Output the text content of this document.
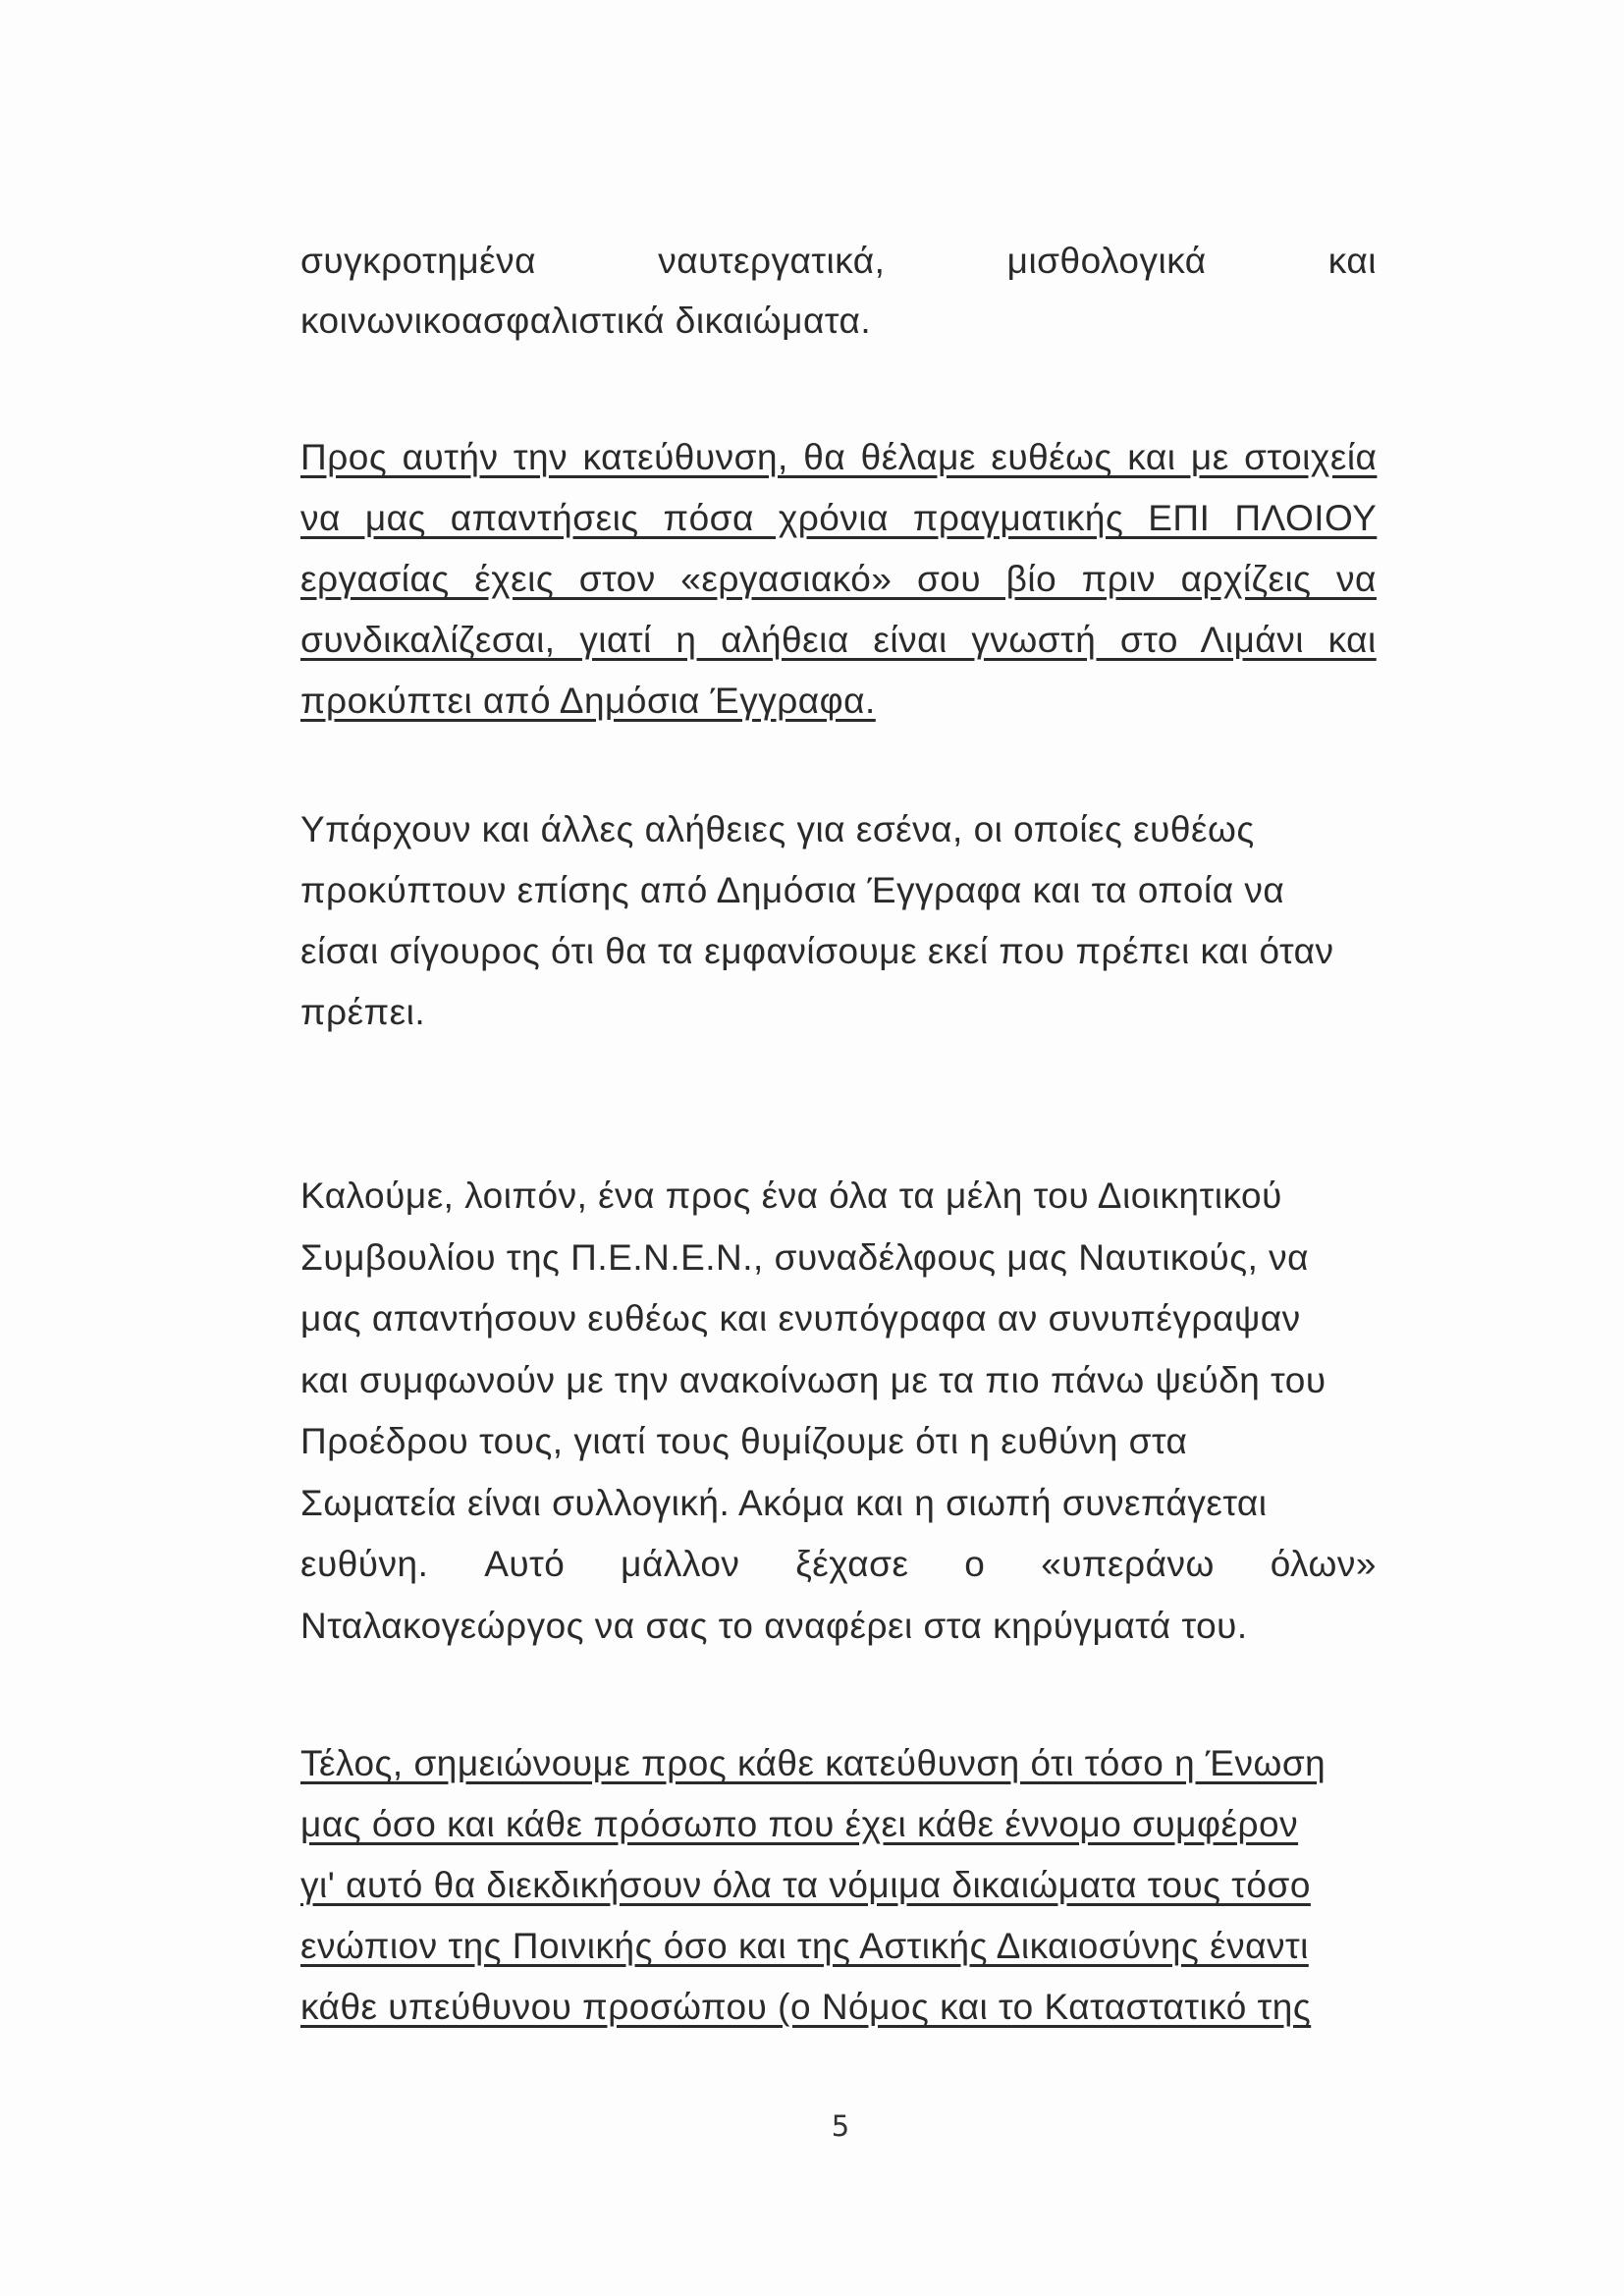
συγκροτημένα	ναυτεργατικά,	μισθολογικά	και
κοινωνικοασφαλιστικά δικαιώματα.
Προς αυτήν την κατεύθυνση, θα θέλαμε ευθέως και με στοιχεία
να μας απαντήσεις πόσα χρόνια πραγματικής ΕΠΙ ΠΛΟΙΟΥ
εργασίας έχεις στον «εργασιακό» σου βίο πριν αρχίζεις να
συνδικαλίζεσαι, γιατί η αλήθεια είναι γνωστή στο Λιμάνι και
προκύπτει από Δημόσια Έγγραφα.
Υπάρχουν και άλλες αλήθειες για εσένα, οι οποίες ευθέως
προκύπτουν επίσης από Δημόσια Έγγραφα και τα οποία να
είσαι σίγουρος ότι θα τα εμφανίσουμε εκεί που πρέπει και όταν
πρέπει.
Καλούμε, λοιπόν, ένα προς ένα όλα τα μέλη του Διοικητικού
Συμβουλίου της Π.Ε.Ν.Ε.Ν., συναδέλφους μας Ναυτικούς, να
μας απαντήσουν ευθέως και ενυπόγραφα αν συνυπέγραψαν
και συμφωνούν με την ανακοίνωση με τα πιο πάνω ψεύδη του
Προέδρου τους, γιατί τους θυμίζουμε ότι η ευθύνη στα
Σωματεία είναι συλλογική. Ακόμα και η σιωπή συνεπάγεται
ευθύνη. Αυτό μάλλον ξέχασε ο «υπεράνω όλων»
Νταλακογεώργος να σας το αναφέρει στα κηρύγματά του.
Τέλος, σημειώνουμε προς κάθε κατεύθυνση ότι τόσο η Ένωση
μας όσο και κάθε πρόσωπο που έχει κάθε έννομο συμφέρον
γι' αυτό θα διεκδικήσουν όλα τα νόμιμα δικαιώματα τους τόσο
ενώπιον της Ποινικής όσο και της Αστικής Δικαιοσύνης έναντι
κάθε υπεύθυνου προσώπου (ο Νόμος και το Καταστατικό της
5
